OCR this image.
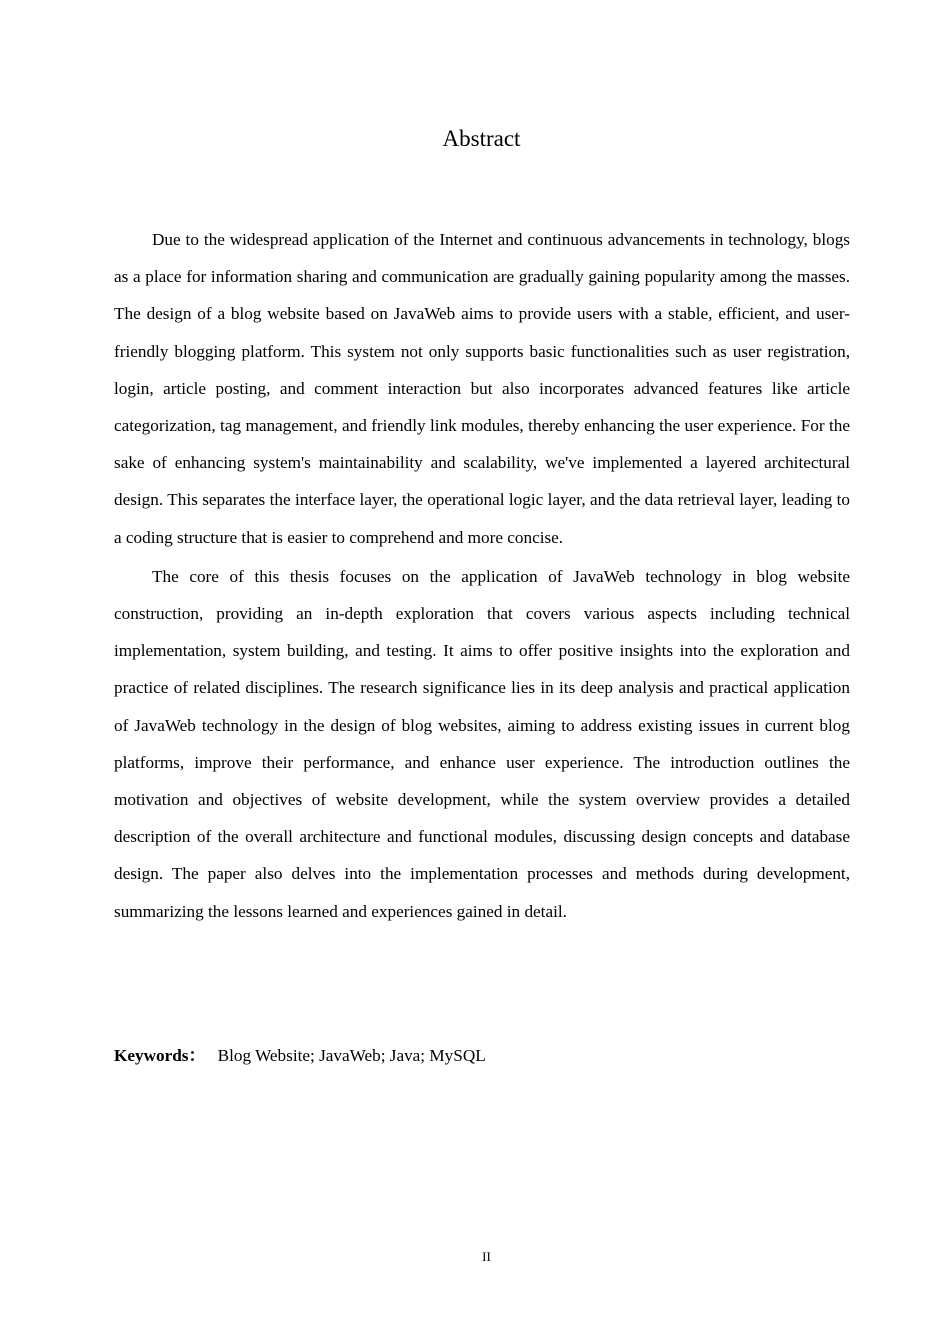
Abstract

Due to the widespread application of the Internet and continuous advancements in technology, blogs as a place for information sharing and communication are gradually gaining popularity among the masses. The design of a blog website based on JavaWeb aims to provide users with a stable, efficient, and user-friendly blogging platform. This system not only supports basic functionalities such as user registration, login, article posting, and comment interaction but also incorporates advanced features like article categorization, tag management, and friendly link modules, thereby enhancing the user experience. For the sake of enhancing system's maintainability and scalability, we've implemented a layered architectural design. This separates the interface layer, the operational logic layer, and the data retrieval layer, leading to a coding structure that is easier to comprehend and more concise.

The core of this thesis focuses on the application of JavaWeb technology in blog website construction, providing an in-depth exploration that covers various aspects including technical implementation, system building, and testing. It aims to offer positive insights into the exploration and practice of related disciplines. The research significance lies in its deep analysis and practical application of JavaWeb technology in the design of blog websites, aiming to address existing issues in current blog platforms, improve their performance, and enhance user experience. The introduction outlines the motivation and objectives of website development, while the system overview provides a detailed description of the overall architecture and functional modules, discussing design concepts and database design. The paper also delves into the implementation processes and methods during development, summarizing the lessons learned and experiences gained in detail.

Keywords： Blog Website; JavaWeb; Java; MySQL
II
